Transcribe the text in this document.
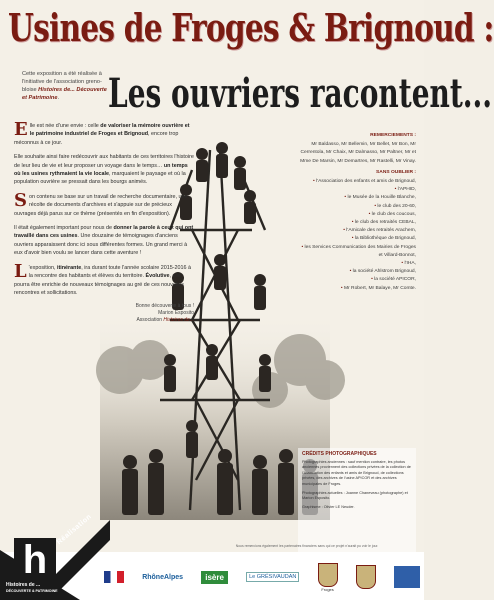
Usines de Froges & Brignoud :
Les ouvriers racontent...
Cette exposition a été réalisée à l'initiative de l'association greno-bloise Histoires de... Découverte et Patrimoine.

Elle est née d'une envie : celle de valoriser la mémoire ouvrière et le patrimoine industriel de Froges et Brignoud, encore trop méconnus à ce jour.

Elle souhaite ainsi faire redécouvrir aux habitants de ces territoires l'histoire de leur lieu de vie et leur proposer un voyage dans le temps… un temps où les usines rythmaient la vie locale, marquaient le paysage et où la population ouvrière se pressait dans les bourgs animés.

Son contenu se base sur un travail de recherche documentaire, une récolte de documents d'archives et s'appuie sur de précieux ouvrages déjà parus sur ce thème (présentés en fin d'exposition).

Il était également important pour nous de donner la parole à ceux qui ont travaillé dans ces usines. Une douzaine de témoignages d'anciens ouvriers apparaissent donc ici sous différentes formes. Un grand merci à eux d'avoir bien voulu se lancer dans cette aventure !

L 'exposition, itinérante, ira durant toute l'année scolaire 2015-2016 à la rencontre des habitants et élèves du territoire. Évolutive, elle pourra être enrichie de nouveaux témoignages au gré de ces nouvelles rencontres et sollicitations.

Bonne découverte à tous !
Marion Esposito
Association Histoires de...
REMERCIEMENTS :

Mr Baldasso, Mr Bellemin, Mr Bellet, Mr Bon, Mr Cerrentola, Mr Chaix, Mr Dalmasso, Mr Paltner, Mr et Mme De Marsin, Mr Demartres, Mr Rastelli, Mr Vinay.

SANS OUBLIER :
• l'Association des enfants et amis de Brignoud,
• l'APHID,
• le Musée de la Houille Blanche,
• le club des 20-60,
• le club des coucous,
• le club des retraités CEBAL,
• l'Amicale des retraités Arachem,
• la Bibliothèque de Brignoud,
• les Services Communication des Mairies de Froges et Villard-Bonnot,
• l'IHA,
• la société Ahlstrom Brignoud,
• la société APICOR,
• Mr Robert, Mr Balaye, Mr Comte.
CRÉDITS PHOTOGRAPHIQUES
Photographies anciennes : sauf mention contraire, les photos anciennes proviennent des collections privées de la collection de l'Association des enfants et amis de Brignoud, de collections privées, des archives de l'usine APICOR et des archives municipales de Froges.
Photographies actuelles : Joanne Chaneveau (photographe) et Marion Esposito.
Graphisme : Olivier LE Neuder.
Nous remercions également les partenaires financiers sans qui ce projet n'aurait pu voir le jour.
h
Histoires de ...
DÉCOUVERTE & PATRIMOINE
Réalisation
RhôneAlpes	isère	Le GRÉSIVAUDAN
Froges
